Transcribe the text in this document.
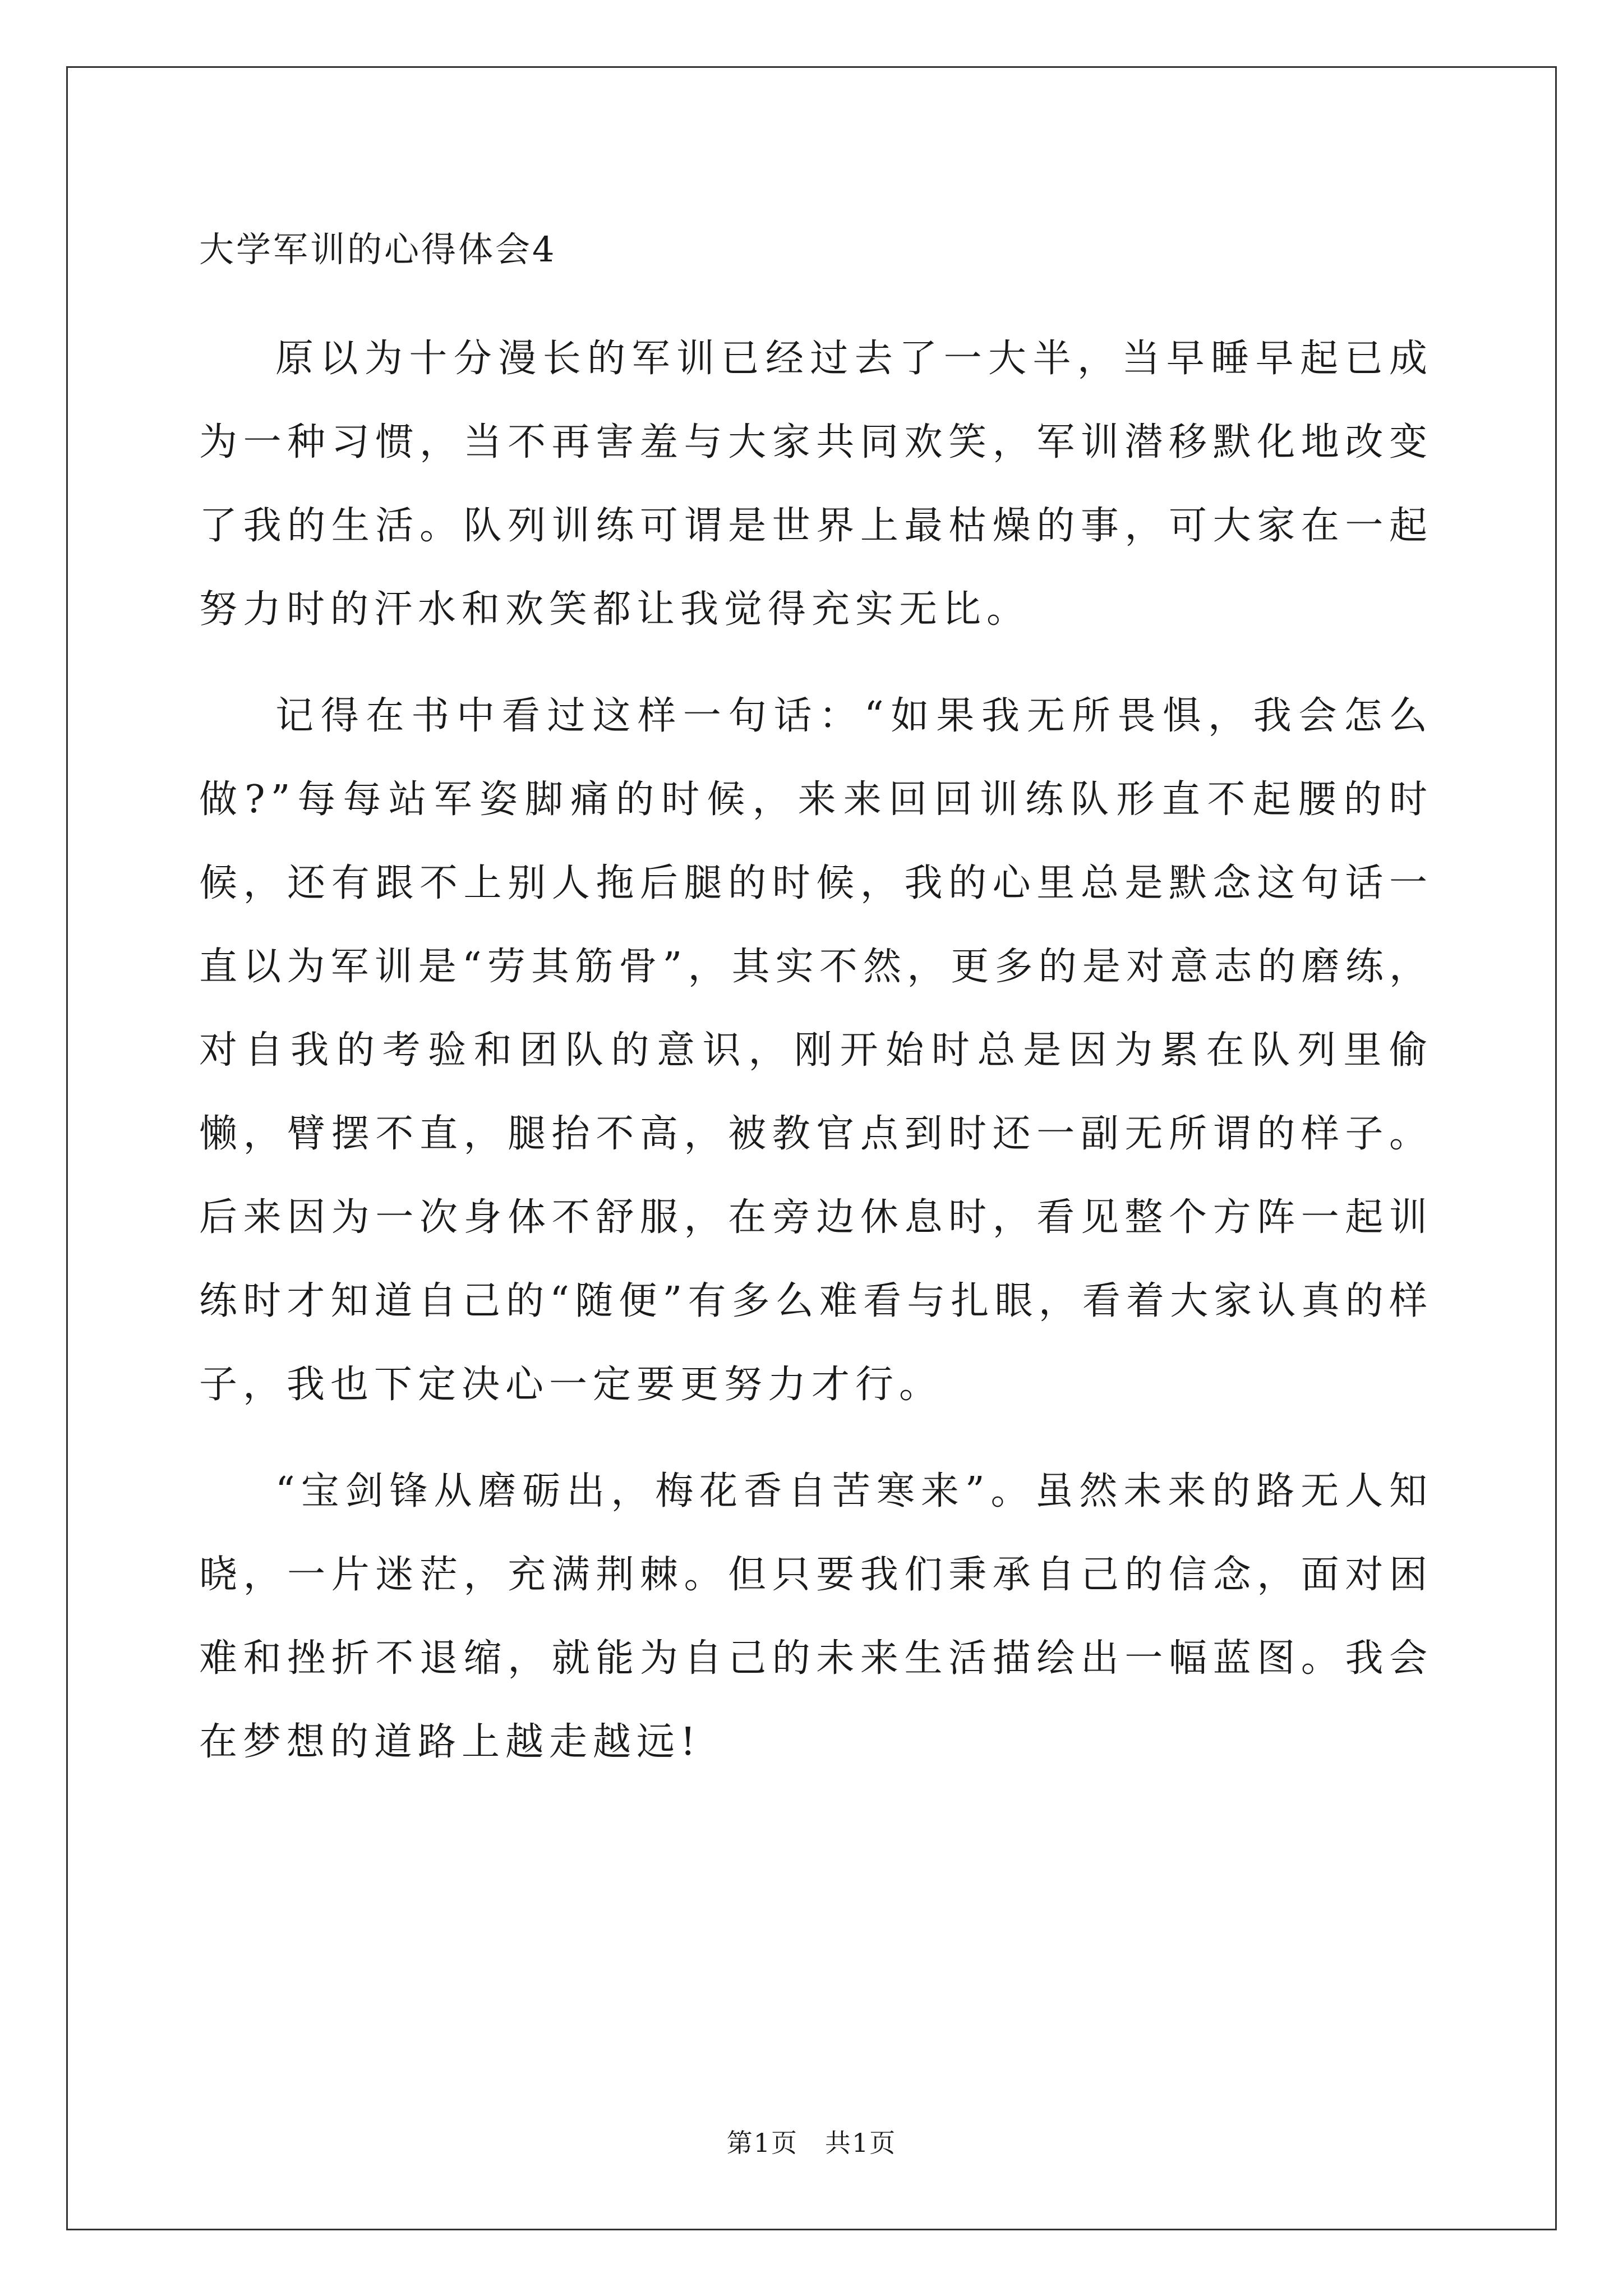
大学军训的心得体会4

原以为十分漫长的军训已经过去了一大半，当早睡早起已成为一种习惯，当不再害羞与大家共同欢笑，军训潜移默化地改变了我的生活。队列训练可谓是世界上最枯燥的事，可大家在一起努力时的汗水和欢笑都让我觉得充实无比。

记得在书中看过这样一句话：“如果我无所畏惧，我会怎么做?”每每站军姿脚痛的时候，来来回回训练队形直不起腰的时候，还有跟不上别人拖后腿的时候，我的心里总是默念这句话一直以为军训是“劳其筋骨”，其实不然，更多的是对意志的磨练，对自我的考验和团队的意识，刚开始时总是因为累在队列里偷懒，臂摆不直，腿抬不高，被教官点到时还一副无所谓的样子。后来因为一次身体不舒服，在旁边休息时，看见整个方阵一起训练时才知道自己的“随便”有多么难看与扎眼，看着大家认真的样子，我也下定决心一定要更努力才行。

“宝剑锋从磨砺出，梅花香自苦寒来”。虽然未来的路无人知晓，一片迷茫，充满荆棘。但只要我们秉承自己的信念，面对困难和挫折不退缩，就能为自己的未来生活描绘出一幅蓝图。我会在梦想的道路上越走越远!

第1页　共1页
